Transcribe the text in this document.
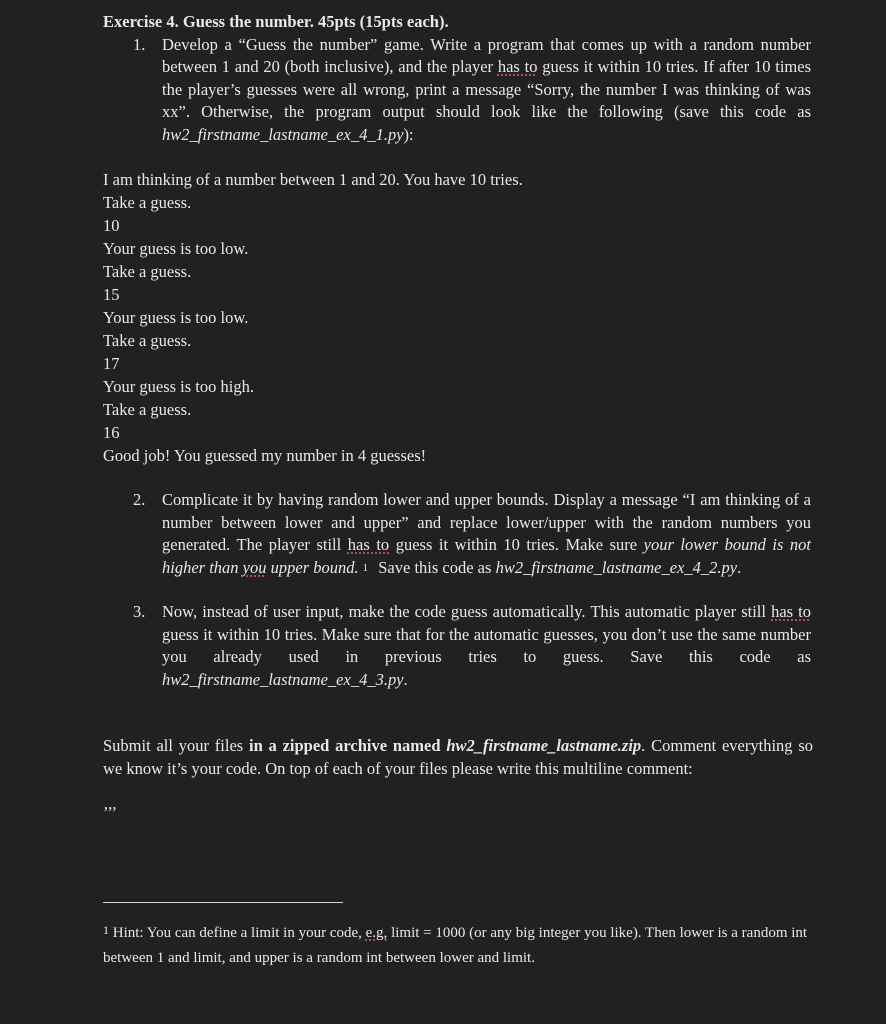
Exercise 4. Guess the number. 45pts (15pts each).

1.	Develop a “Guess the number” game. Write a program that comes up with a random number between 1 and 20 (both inclusive), and the player has to guess it within 10 tries. If after 10 times the player’s guesses were all wrong, print a message “Sorry, the number I was thinking of was xx”. Otherwise, the program output should look like the following (save this code as hw2_firstname_lastname_ex_4_1.py):

I am thinking of a number between 1 and 20. You have 10 tries.

Take a guess.

10

Your guess is too low.

Take a guess.

15

Your guess is too low.

Take a guess.

17

Your guess is too high.

Take a guess.

16

Good job! You guessed my number in 4 guesses!

2.	Complicate it by having random lower and upper bounds. Display a message “I am thinking of a number between lower and upper” and replace lower/upper with the random numbers you generated. The player still has to guess it within 10 tries. Make sure your lower bound is not higher than you upper bound. 1 Save this code as hw2_firstname_lastname_ex_4_2.py.
3.	Now, instead of user input, make the code guess automatically. This automatic player still has to guess it within 10 tries. Make sure that for the automatic guesses, you don’t use the same number you already used in previous tries to guess. Save this code as hw2_firstname_lastname_ex_4_3.py.

Submit all your files in a zipped archive named hw2_firstname_lastname.zip. Comment everything so we know it’s your code. On top of each of your files please write this multiline comment:

’’’

$^1$ Hint: You can define a limit in your code, e.g, limit = 1000 (or any big integer you like). Then lower is a random int between 1 and limit, and upper is a random int between lower and limit.
